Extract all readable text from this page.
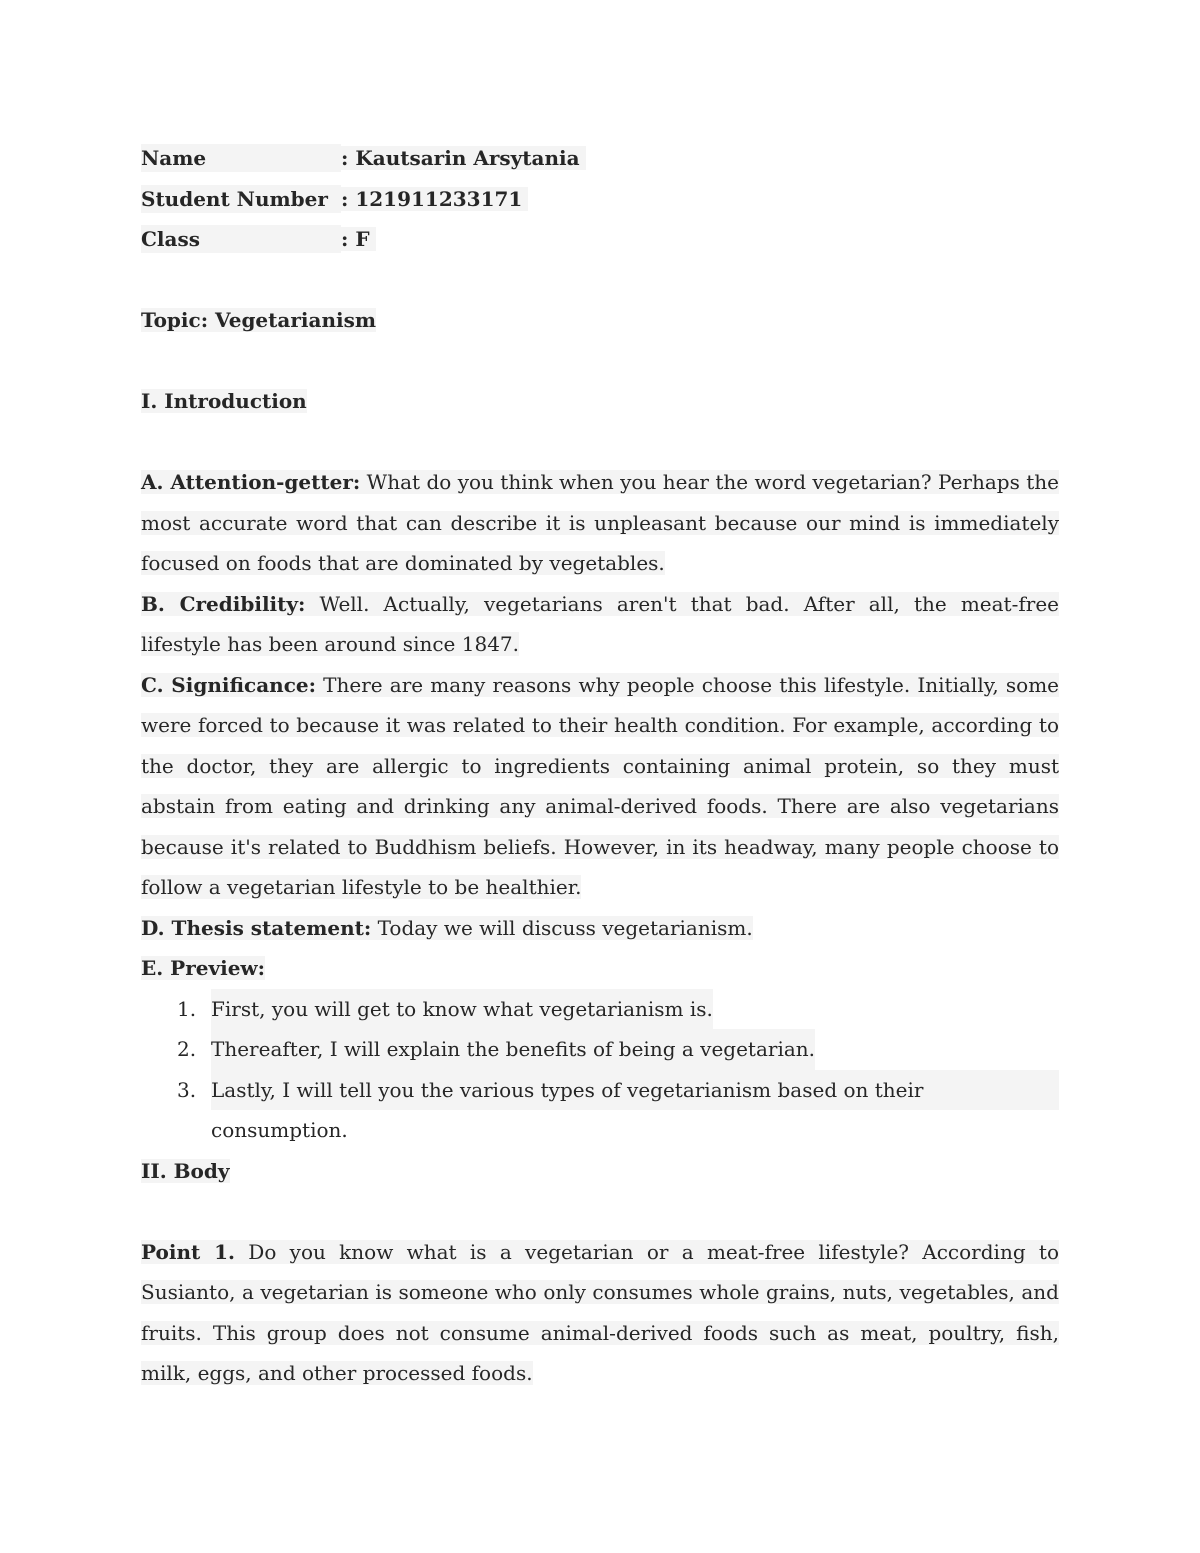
Name	: Kautsarin Arsytania
Student Number : 121911233171
Class	: F
Topic: Vegetarianism
I. Introduction

A. Attention-getter: What do you think when you hear the word vegetarian? Perhaps the most accurate word that can describe it is unpleasant because our mind is immediately focused on foods that are dominated by vegetables.

B. Credibility: Well. Actually, vegetarians aren't that bad. After all, the meat-free lifestyle has been around since 1847.

C. Significance: There are many reasons why people choose this lifestyle. Initially, some were forced to because it was related to their health condition. For example, according to the doctor, they are allergic to ingredients containing animal protein, so they must abstain from eating and drinking any animal-derived foods. There are also vegetarians because it's related to Buddhism beliefs. However, in its headway, many people choose to follow a vegetarian lifestyle to be healthier.

D. Thesis statement: Today we will discuss vegetarianism.

E. Preview:

1. First, you will get to know what vegetarianism is.
2. Thereafter, I will explain the benefits of being a vegetarian.
3. Lastly, I will tell you the various types of vegetarianism based on their consumption.
II. Body

Point 1. Do you know what is a vegetarian or a meat-free lifestyle? According to Susianto, a vegetarian is someone who only consumes whole grains, nuts, vegetables, and fruits. This group does not consume animal-derived foods such as meat, poultry, fish, milk, eggs, and other processed foods.
